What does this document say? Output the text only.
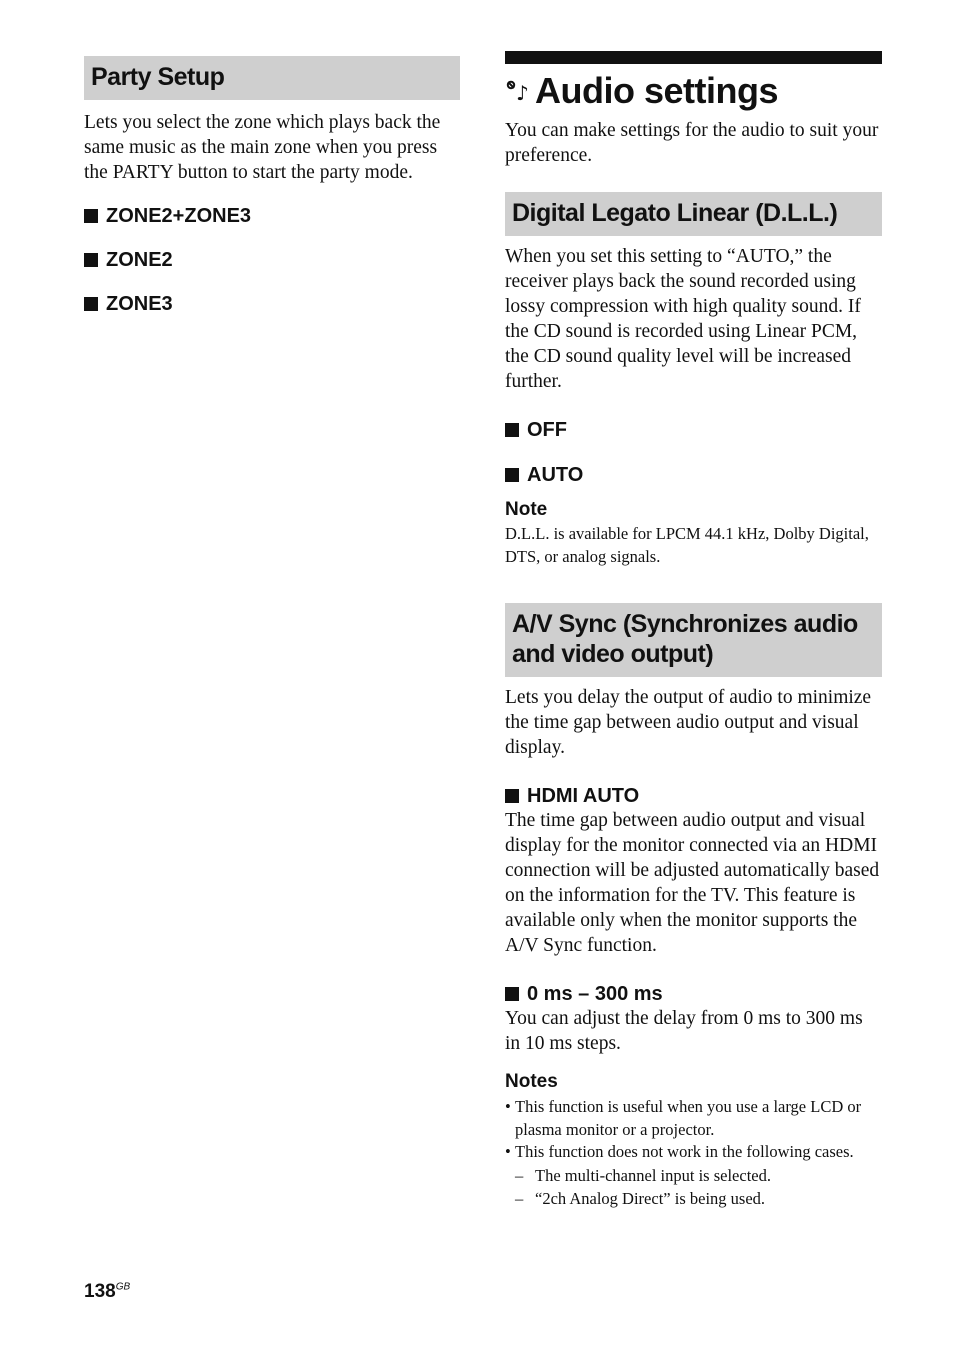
Party Setup

Lets you select the zone which plays back the same music as the main zone when you press the PARTY button to start the party mode.

ZONE2+ZONE3
ZONE2
ZONE3
♪ Audio settings

You can make settings for the audio to suit your preference.

Digital Legato Linear (D.L.L.)

When you set this setting to “AUTO,” the receiver plays back the sound recorded using lossy compression with high quality sound. If the CD sound is recorded using Linear PCM, the CD sound quality level will be increased further.

OFF
AUTO
Note

D.L.L. is available for LPCM 44.1 kHz, Dolby Digital, DTS, or analog signals.

A/V Sync (Synchronizes audio and video output)

Lets you delay the output of audio to minimize the time gap between audio output and visual display.

HDMI AUTO

The time gap between audio output and visual display for the monitor connected via an HDMI connection will be adjusted automatically based on the information for the TV. This feature is available only when the monitor supports the A/V Sync function.

0 ms – 300 ms

You can adjust the delay from 0 ms to 300 ms in 10 ms steps.

Notes
• This function is useful when you use a large LCD or plasma monitor or a projector.
• This function does not work in the following cases.
– The multi-channel input is selected.
– “2ch Analog Direct” is being used.
$138^{GB}$
